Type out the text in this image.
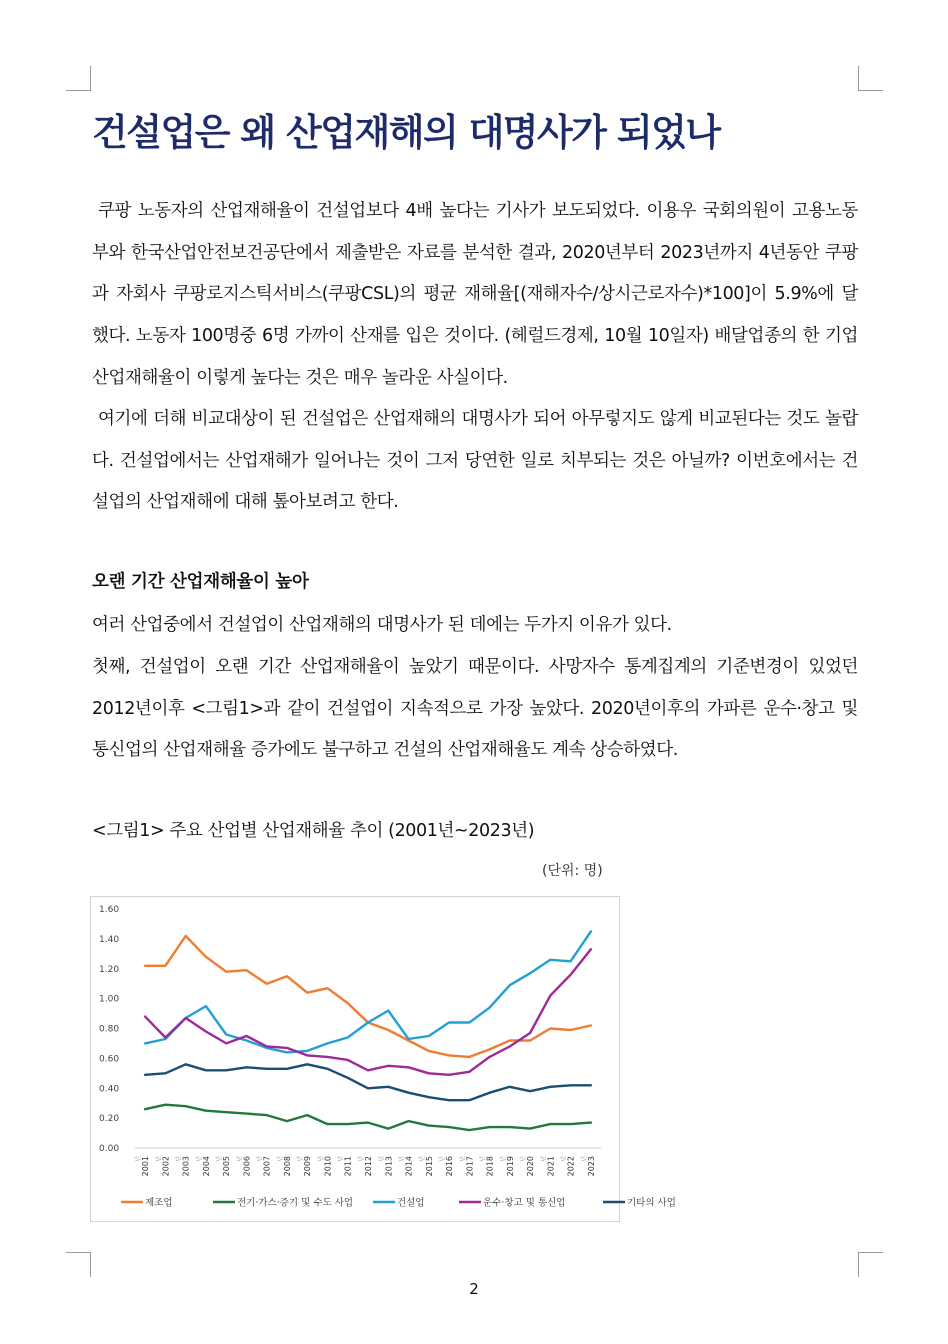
건설업은 왜 산업재해의 대명사가 되었나

쿠팡 노동자의 산업재해율이 건설업보다 4배 높다는 기사가 보도되었다. 이용우 국회의원이 고용노동부와 한국산업안전보건공단에서 제출받은 자료를 분석한 결과, 2020년부터 2023년까지 4년동안 쿠팡과 자회사 쿠팡로지스틱서비스(쿠팡CSL)의 평균 재해율[(재해자수/상시근로자수)*100]이 5.9%에 달했다. 노동자 100명중 6명 가까이 산재를 입은 것이다. (헤럴드경제, 10월 10일자) 배달업종의 한 기업 산업재해율이 이렇게 높다는 것은 매우 놀라운 사실이다.

여기에 더해 비교대상이 된 건설업은 산업재해의 대명사가 되어 아무렇지도 않게 비교된다는 것도 놀랍다. 건설업에서는 산업재해가 일어나는 것이 그저 당연한 일로 치부되는 것은 아닐까? 이번호에서는 건설업의 산업재해에 대해 톺아보려고 한다.

오랜 기간 산업재해율이 높아

여러 산업중에서 건설업이 산업재해의 대명사가 된 데에는 두가지 이유가 있다.

첫째, 건설업이 오랜 기간 산업재해율이 높았기 때문이다. 사망자수 통계집계의 기준변경이 있었던 2012년이후 <그림1>과 같이 건설업이 지속적으로 가장 높았다. 2020년이후의 가파른 운수·창고 및 통신업의 산업재해율 증가에도 불구하고 건설의 산업재해율도 계속 상승하였다.

<그림1> 주요 산업별 산업재해율 추이 (2001년~2023년)
(단위: 명)
0.00
0.20
0.40
0.60
0.80
1.00
1.20
1.40
1.60
2001
년 2002
년 2003
년 2004
년 2005
년 2006
년 2007
년 2008
년 2009
년 2010
년 2011
년 2012
년 2013
년 2014
년 2015
년 2016
년 2017
년 2018
년 2019
년 2020
년 2021
년 2022
년 2023
년
제조업	전기·가스·증기 및 수도 사업	건설업	운수·창고 및 통신업	기타의 사업
2
